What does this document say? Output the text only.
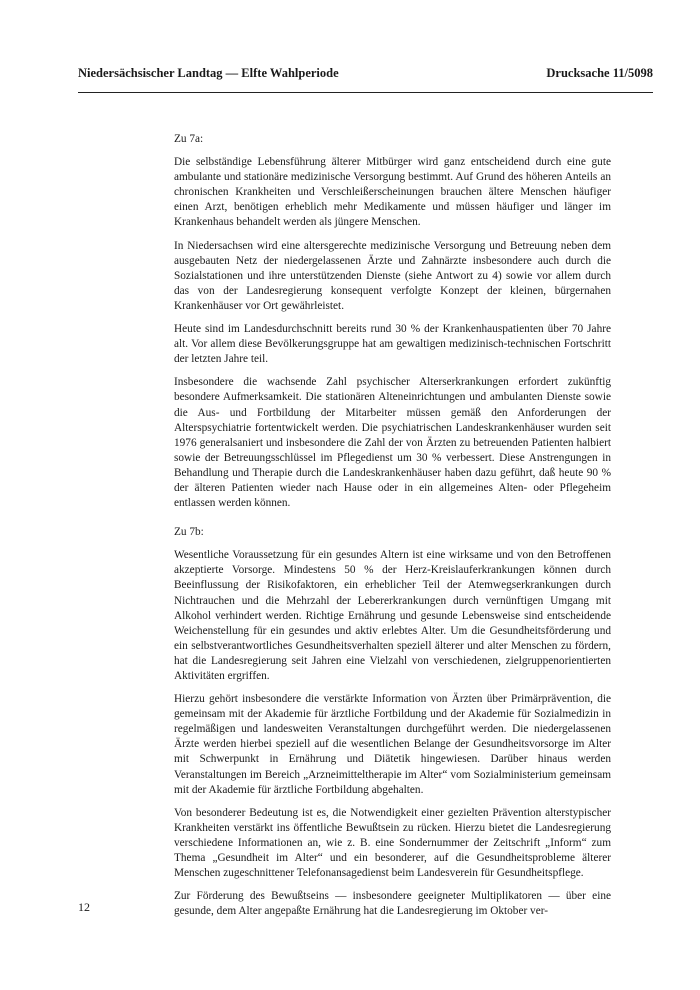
Niedersächsischer Landtag — Elfte Wahlperiode	Drucksache 11/5098

Zu 7a:

Die selbständige Lebensführung älterer Mitbürger wird ganz entscheidend durch eine gute ambulante und stationäre medizinische Versorgung bestimmt. Auf Grund des höheren Anteils an chronischen Krankheiten und Verschleißerscheinungen brauchen ältere Menschen häufiger einen Arzt, benötigen erheblich mehr Medikamente und müssen häufiger und länger im Krankenhaus behandelt werden als jüngere Menschen.

In Niedersachsen wird eine altersgerechte medizinische Versorgung und Betreuung neben dem ausgebauten Netz der niedergelassenen Ärzte und Zahnärzte insbesondere auch durch die Sozialstationen und ihre unterstützenden Dienste (siehe Antwort zu 4) sowie vor allem durch das von der Landesregierung konsequent verfolgte Konzept der kleinen, bürgernahen Krankenhäuser vor Ort gewährleistet.

Heute sind im Landesdurchschnitt bereits rund 30 % der Krankenhauspatienten über 70 Jahre alt. Vor allem diese Bevölkerungsgruppe hat am gewaltigen medizinisch-technischen Fortschritt der letzten Jahre teil.

Insbesondere die wachsende Zahl psychischer Alterserkrankungen erfordert zukünftig besondere Aufmerksamkeit. Die stationären Alteneinrichtungen und ambulanten Dienste sowie die Aus- und Fortbildung der Mitarbeiter müssen gemäß den Anforderungen der Alterspsychiatrie fortentwickelt werden. Die psychiatrischen Landeskrankenhäuser wurden seit 1976 generalsaniert und insbesondere die Zahl der von Ärzten zu betreuenden Patienten halbiert sowie der Betreuungsschlüssel im Pflegedienst um 30 % verbessert. Diese Anstrengungen in Behandlung und Therapie durch die Landeskrankenhäuser haben dazu geführt, daß heute 90 % der älteren Patienten wieder nach Hause oder in ein allgemeines Alten- oder Pflegeheim entlassen werden können.

Zu 7b:

Wesentliche Voraussetzung für ein gesundes Altern ist eine wirksame und von den Betroffenen akzeptierte Vorsorge. Mindestens 50 % der Herz-Kreislauferkrankungen können durch Beeinflussung der Risikofaktoren, ein erheblicher Teil der Atemwegserkrankungen durch Nichtrauchen und die Mehrzahl der Lebererkrankungen durch vernünftigen Umgang mit Alkohol verhindert werden. Richtige Ernährung und gesunde Lebensweise sind entscheidende Weichenstellung für ein gesundes und aktiv erlebtes Alter. Um die Gesundheitsförderung und ein selbstverantwortliches Gesundheitsverhalten speziell älterer und alter Menschen zu fördern, hat die Landesregierung seit Jahren eine Vielzahl von verschiedenen, zielgruppenorientierten Aktivitäten ergriffen.

Hierzu gehört insbesondere die verstärkte Information von Ärzten über Primärprävention, die gemeinsam mit der Akademie für ärztliche Fortbildung und der Akademie für Sozialmedizin in regelmäßigen und landesweiten Veranstaltungen durchgeführt werden. Die niedergelassenen Ärzte werden hierbei speziell auf die wesentlichen Belange der Gesundheitsvorsorge im Alter mit Schwerpunkt in Ernährung und Diätetik hingewiesen. Darüber hinaus werden Veranstaltungen im Bereich „Arzneimitteltherapie im Alter“ vom Sozialministerium gemeinsam mit der Akademie für ärztliche Fortbildung abgehalten.

Von besonderer Bedeutung ist es, die Notwendigkeit einer gezielten Prävention alterstypischer Krankheiten verstärkt ins öffentliche Bewußtsein zu rücken. Hierzu bietet die Landesregierung verschiedene Informationen an, wie z. B. eine Sondernummer der Zeitschrift „Inform“ zum Thema „Gesundheit im Alter“ und ein besonderer, auf die Gesundheitsprobleme älterer Menschen zugeschnittener Telefonansagedienst beim Landesverein für Gesundheitspflege.

Zur Förderung des Bewußtseins — insbesondere geeigneter Multiplikatoren — über eine gesunde, dem Alter angepaßte Ernährung hat die Landesregierung im Oktober ver-

12
